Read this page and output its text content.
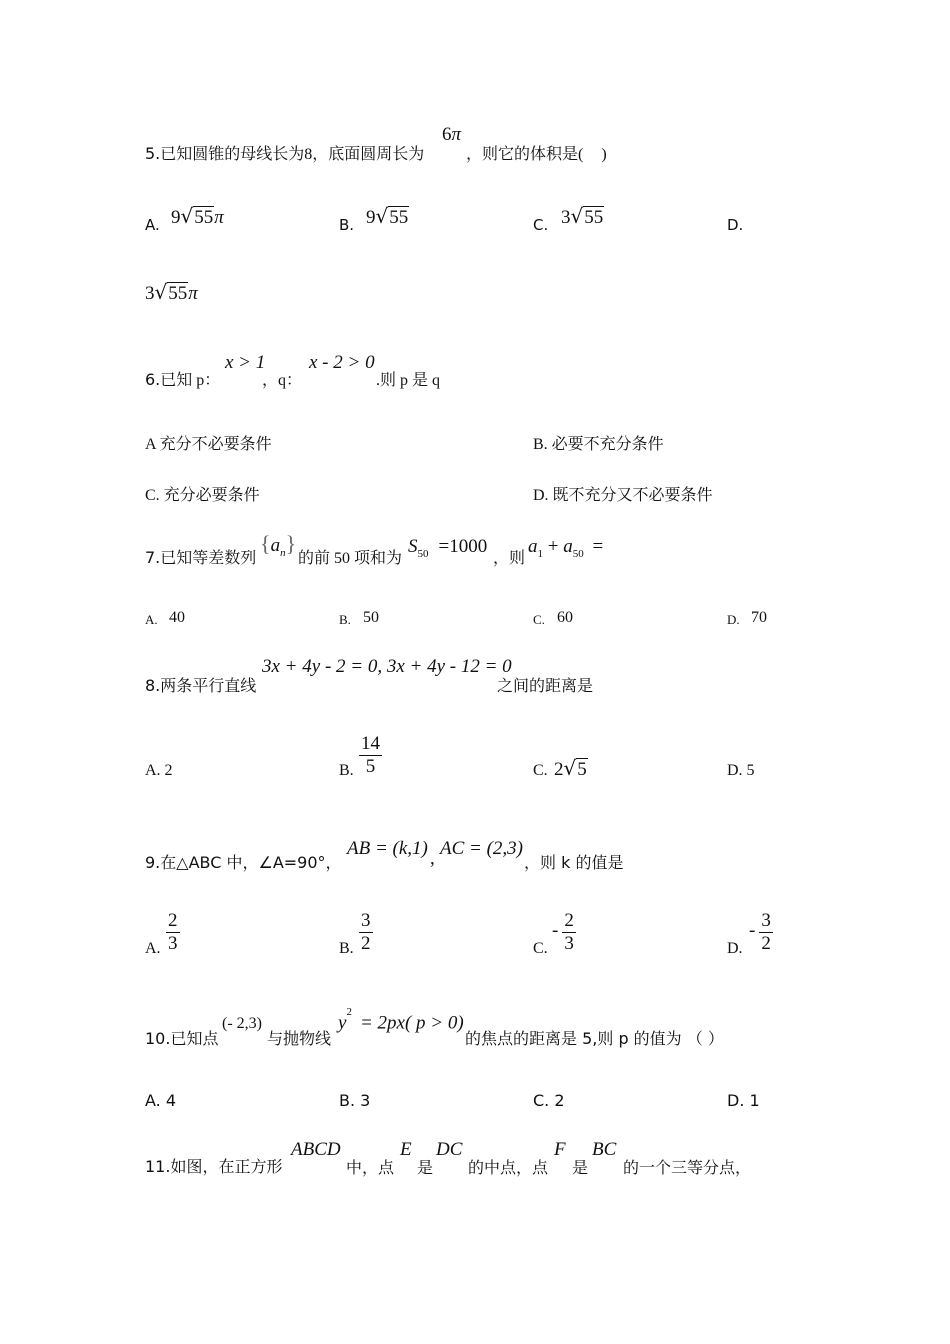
5.已知圆锥的母线长为8，底面圆周长为
6π
，则它的体积是( )
A. 9√55π	B. 9√55	C. 3√55	D.
3√55π
6.已知 p：
x > 1
，q：
x - 2 > 0
.则 p 是 q
A 充分不必要条件	B. 必要不充分条件
C. 充分必要条件	D. 既不充分又不必要条件
7.已知等差数列
$\{a_n\}$
的前 50 项和为
$S_{50} =1000$
，则
$a_1 + a_{50}$ =
A. 40	B. 50	C. 60	D. 70
8.两条平行直线
3x + 4y - 2 = 0, 3x + 4y - 12 = 0
之间的距离是
A. 2	B. $\frac{14}{5}$	C. 2√5	D. 5
9.在△ABC 中，∠A=90°，
AB = (k,1) , AC = (2,3)
，则 k 的值是
A. $\frac{2}{3}$	B. $\frac{3}{2}$	C.
- $\frac{2}{3}$	D.
- $\frac{3}{2}$
10.已知点
(- 2,3)
与抛物线
$y^2= 2px$( p > 0)
的焦点的距离是 5,则 p 的值为 （ ）
A. 4	B. 3	C. 2	D. 1
11.如图，在正方形
ABCD
中，点
E
是
DC
的中点，点
F
是
BC
的一个三等分点，
